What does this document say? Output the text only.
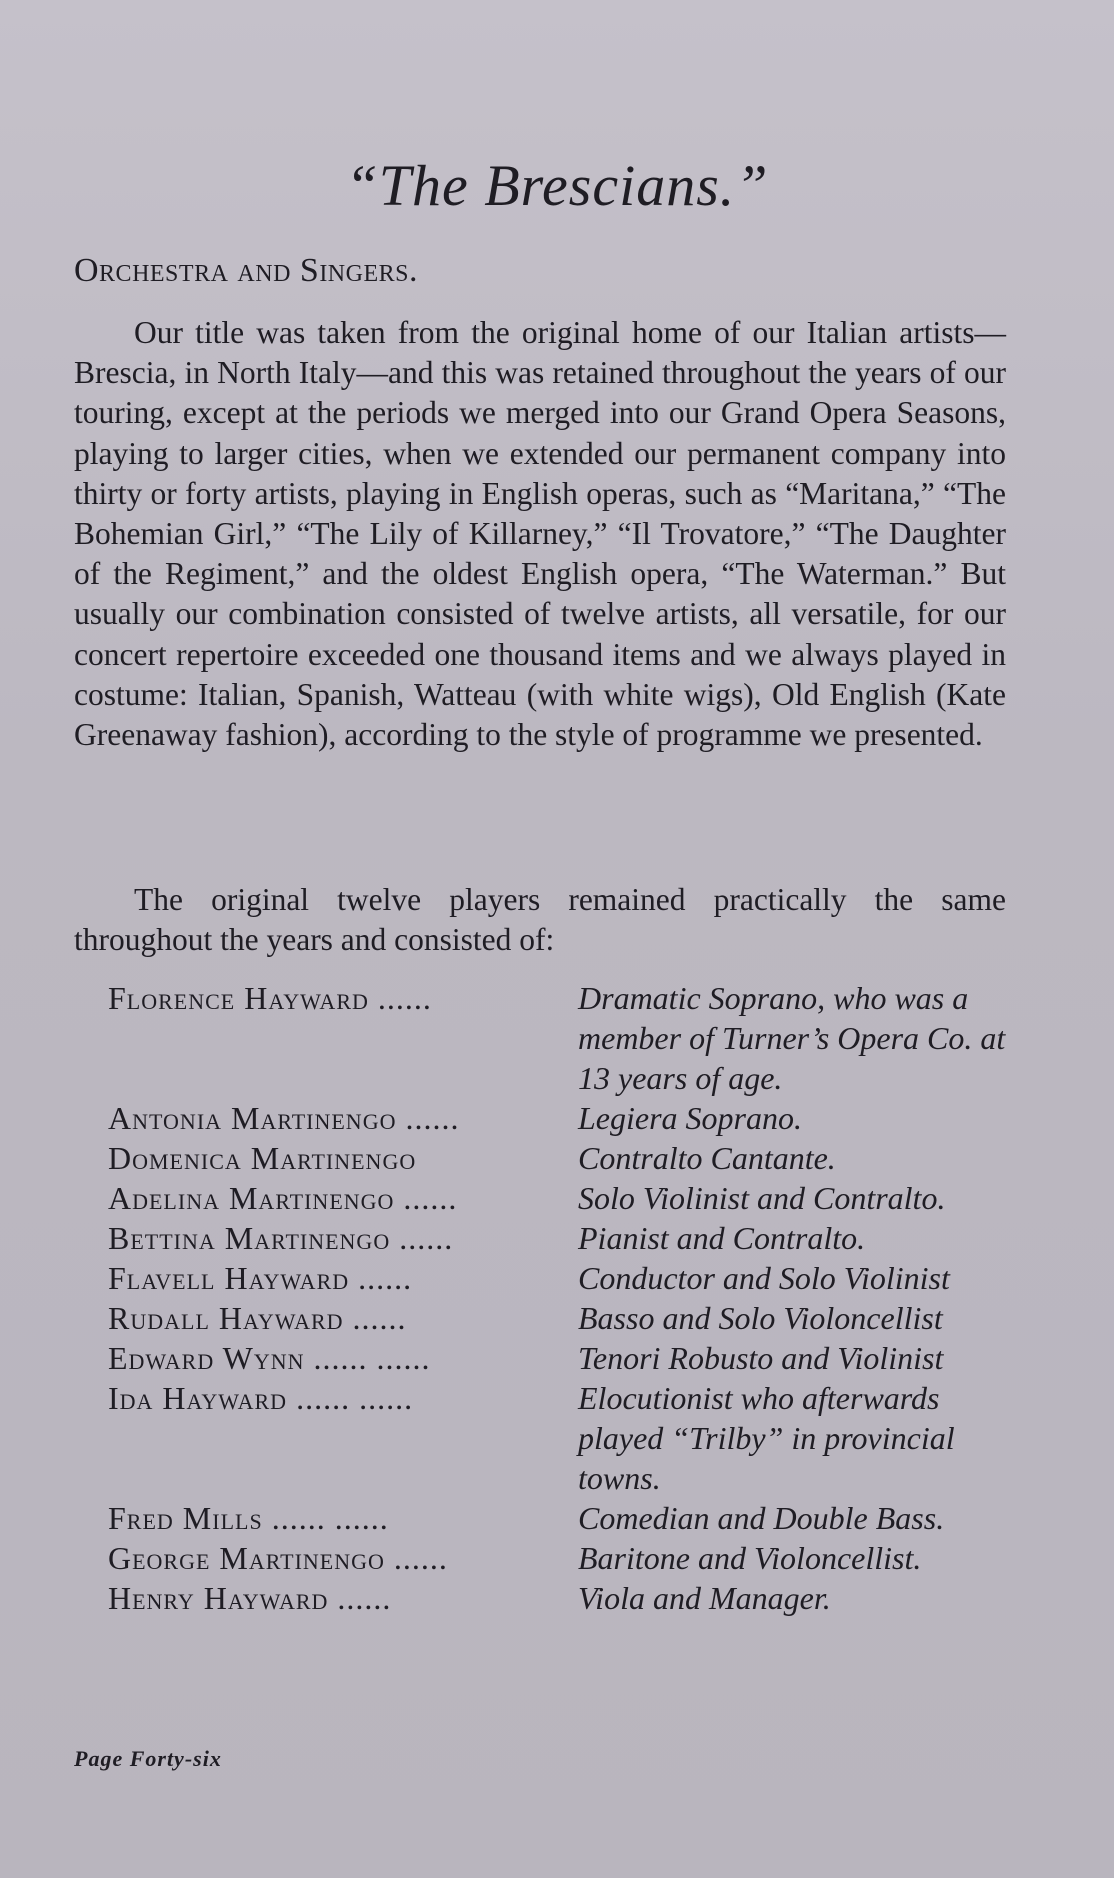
“The Brescians.”
Orchestra and Singers.

Our title was taken from the original home of our Italian artists—Brescia, in North Italy—and this was retained throughout the years of our touring, except at the periods we merged into our Grand Opera Seasons, playing to larger cities, when we extended our permanent company into thirty or forty artists, playing in English operas, such as “Maritana,” “The Bohemian Girl,” “The Lily of Killarney,” “Il Trovatore,” “The Daughter of the Regiment,” and the oldest English opera, “The Waterman.” But usually our combination consisted of twelve artists, all versatile, for our concert repertoire exceeded one thousand items and we always played in costume: Italian, Spanish, Watteau (with white wigs), Old English (Kate Greenaway fashion), according to the style of programme we presented.

The original twelve players remained practically the same throughout the years and consisted of:

Florence Hayward ......	Dramatic Soprano, who was a member of Turner’s Opera Co. at 13 years of age.
Antonia Martinengo ......	Legiera Soprano.
Domenica Martinengo	Contralto Cantante.
Adelina Martinengo ......	Solo Violinist and Contralto.
Bettina Martinengo ......	Pianist and Contralto.
Flavell Hayward ......	Conductor and Solo Violinist
Rudall Hayward ......	Basso and Solo Violoncellist
Edward Wynn ...... ......	Tenori Robusto and Violinist
Ida Hayward ...... ......	Elocutionist who afterwards played “Trilby” in provincial towns.
Fred Mills ...... ......	Comedian and Double Bass.
George Martinengo ......	Baritone and Violoncellist.
Henry Hayward ......	Viola and Manager.

Page Forty-six
